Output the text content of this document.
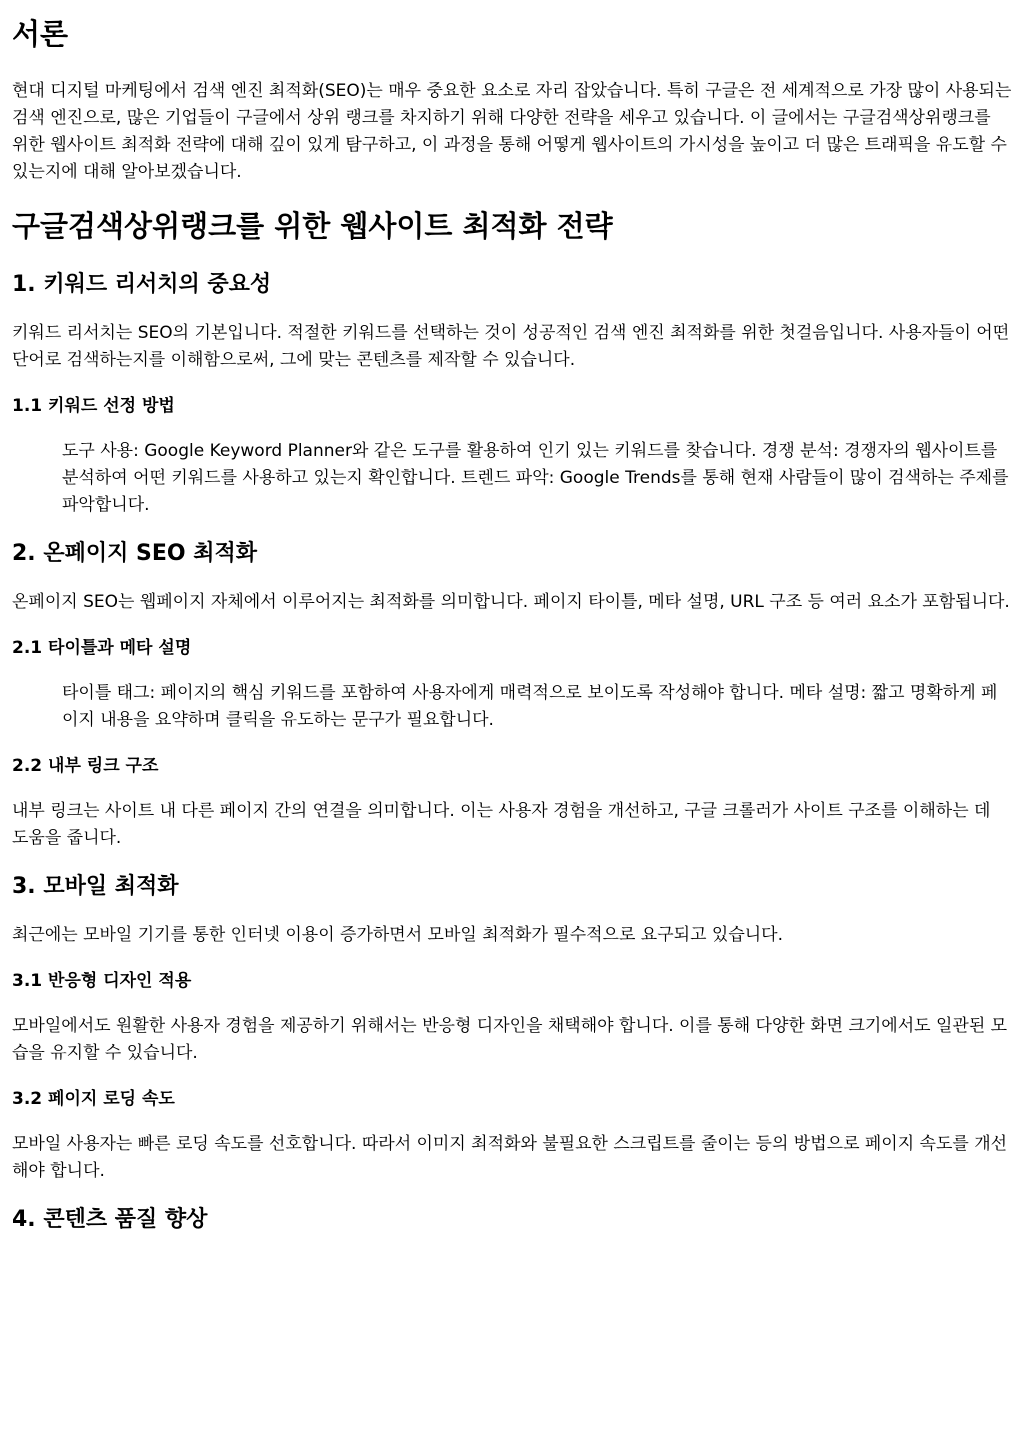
서론

현대 디지털 마케팅에서 검색 엔진 최적화(SEO)는 매우 중요한 요소로 자리 잡았습니다. 특히 구글은 전 세계적으로 가장 많이 사용되는 검색 엔진으로, 많은 기업들이 구글에서 상위 랭크를 차지하기 위해 다양한 전략을 세우고 있습니다. 이 글에서는 구글검색상위랭크를 위한 웹사이트 최적화 전략에 대해 깊이 있게 탐구하고, 이 과정을 통해 어떻게 웹사이트의 가시성을 높이고 더 많은 트래픽을 유도할 수 있는지에 대해 알아보겠습니다.

구글검색상위랭크를 위한 웹사이트 최적화 전략
1. 키워드 리서치의 중요성

키워드 리서치는 SEO의 기본입니다. 적절한 키워드를 선택하는 것이 성공적인 검색 엔진 최적화를 위한 첫걸음입니다. 사용자들이 어떤 단어로 검색하는지를 이해함으로써, 그에 맞는 콘텐츠를 제작할 수 있습니다.

1.1 키워드 선정 방법
도구 사용: Google Keyword Planner와 같은 도구를 활용하여 인기 있는 키워드를 찾습니다. 경쟁 분석: 경쟁자의 웹사이트를 분석하여 어떤 키워드를 사용하고 있는지 확인합니다. 트렌드 파악: Google Trends를 통해 현재 사람들이 많이 검색하는 주제를 파악합니다.
2. 온페이지 SEO 최적화

온페이지 SEO는 웹페이지 자체에서 이루어지는 최적화를 의미합니다. 페이지 타이틀, 메타 설명, URL 구조 등 여러 요소가 포함됩니다.

2.1 타이틀과 메타 설명
타이틀 태그: 페이지의 핵심 키워드를 포함하여 사용자에게 매력적으로 보이도록 작성해야 합니다. 메타 설명: 짧고 명확하게 페이지 내용을 요약하며 클릭을 유도하는 문구가 필요합니다.
2.2 내부 링크 구조

내부 링크는 사이트 내 다른 페이지 간의 연결을 의미합니다. 이는 사용자 경험을 개선하고, 구글 크롤러가 사이트 구조를 이해하는 데 도움을 줍니다.

3. 모바일 최적화

최근에는 모바일 기기를 통한 인터넷 이용이 증가하면서 모바일 최적화가 필수적으로 요구되고 있습니다.

3.1 반응형 디자인 적용

모바일에서도 원활한 사용자 경험을 제공하기 위해서는 반응형 디자인을 채택해야 합니다. 이를 통해 다양한 화면 크기에서도 일관된 모습을 유지할 수 있습니다.

3.2 페이지 로딩 속도

모바일 사용자는 빠른 로딩 속도를 선호합니다. 따라서 이미지 최적화와 불필요한 스크립트를 줄이는 등의 방법으로 페이지 속도를 개선해야 합니다.

4. 콘텐츠 품질 향상
